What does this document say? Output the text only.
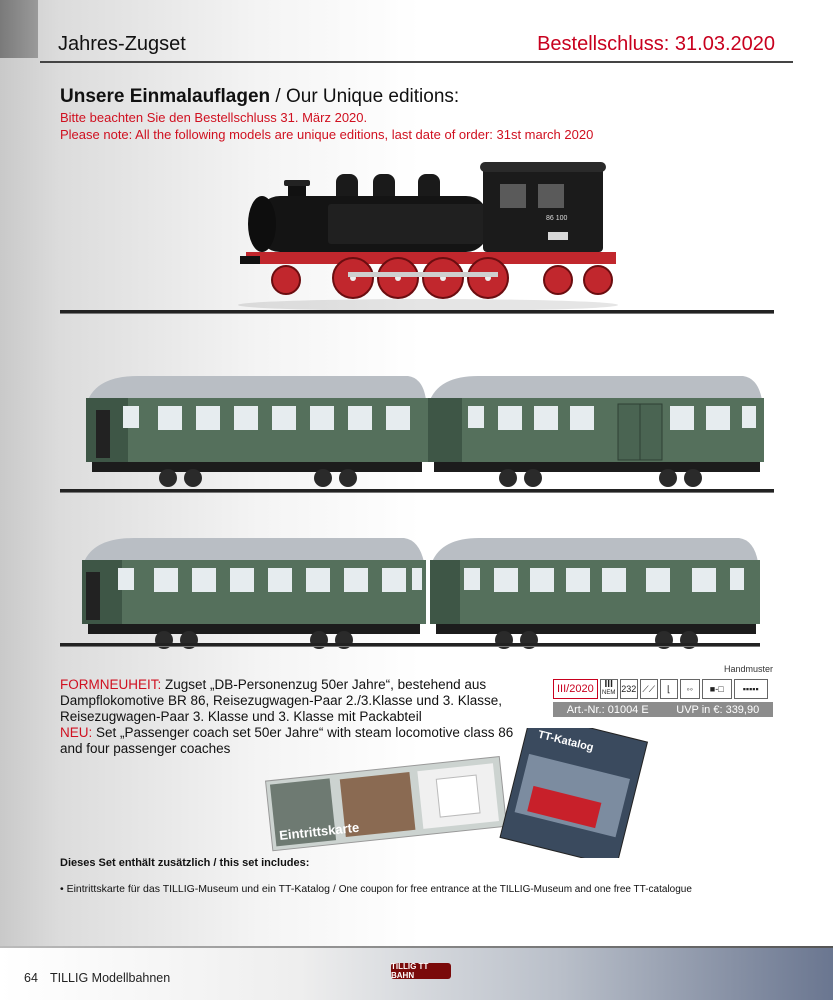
Jahres-Zugset	Bestellschluss: 31.03.2020
Unsere Einmalauflagen / Our Unique editions:
Bitte beachten Sie den Bestellschluss 31. März 2020.
Please note: All the following models are unique editions, last date of order: 31st march 2020
86 100
Handmuster
FORMNEUHEIT: Zugset „DB-Personenzug 50er Jahre“, bestehend aus Dampflokomotive BR 86, Reisezugwagen-Paar 2./3.Klasse und 3. Klasse, Reisezugwagen-Paar 3. Klasse und 3. Klasse mit Packabteil
NEU: Set „Passenger coach set 50er Jahre“ with steam locomotive class 86 and four passenger coaches
III/2020	III
NEM 232 ⟋⟋	⌊	◦◦	■-□	▪▪▪▪▪
Art.-Nr.: 01004 E	UVP in €: 339,90
Eintrittskarte
TT-Katalog
Dieses Set enthält zusätzlich / this set includes:
• Eintrittskarte für das TILLIG-Museum und ein TT-Katalog / One coupon for free entrance at the TILLIG-Museum and one free TT-catalogue
64 TILLIG Modellbahnen
TILLIG TT BAHN
